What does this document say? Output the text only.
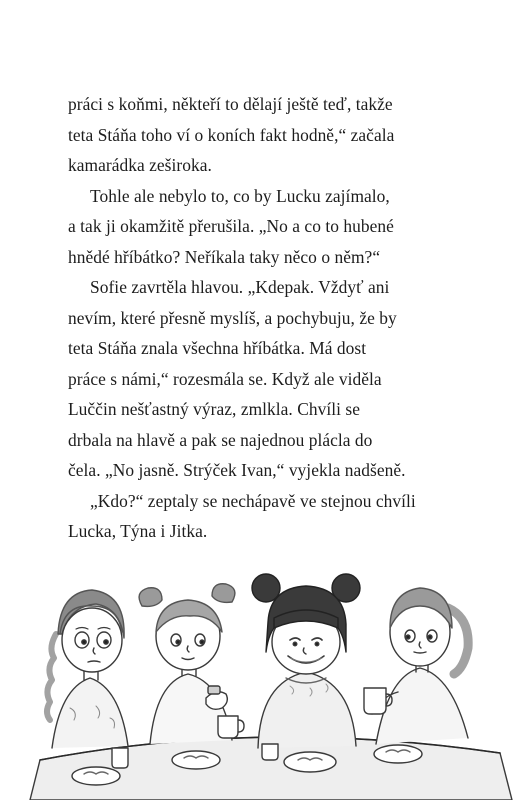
práci s koňmi, někteří to dělají ještě teď, takže
teta Stáňa toho ví o koních fakt hodně,“ začala
kamarádka zeširoka.
Tohle ale nebylo to, co by Lucku zajímalo,
a tak ji okamžitě přerušila. „No a co to hubené
hnědé hříbátko? Neříkala taky něco o něm?“
Sofie zavrtěla hlavou. „Kdepak. Vždyť ani
nevím, které přesně myslíš, a pochybuju, že by
teta Stáňa znala všechna hříbátka. Má dost
práce s námi,“ rozesmála se. Když ale viděla
Luččin nešťastný výraz, zmlkla. Chvíli se
drbala na hlavě a pak se najednou plácla do
čela. „No jasně. Strýček Ivan,“ vyjekla nadšeně.
„Kdo?“ zeptaly se nechápavě ve stejnou chvíli
Lucka, Týna i Jitka.
